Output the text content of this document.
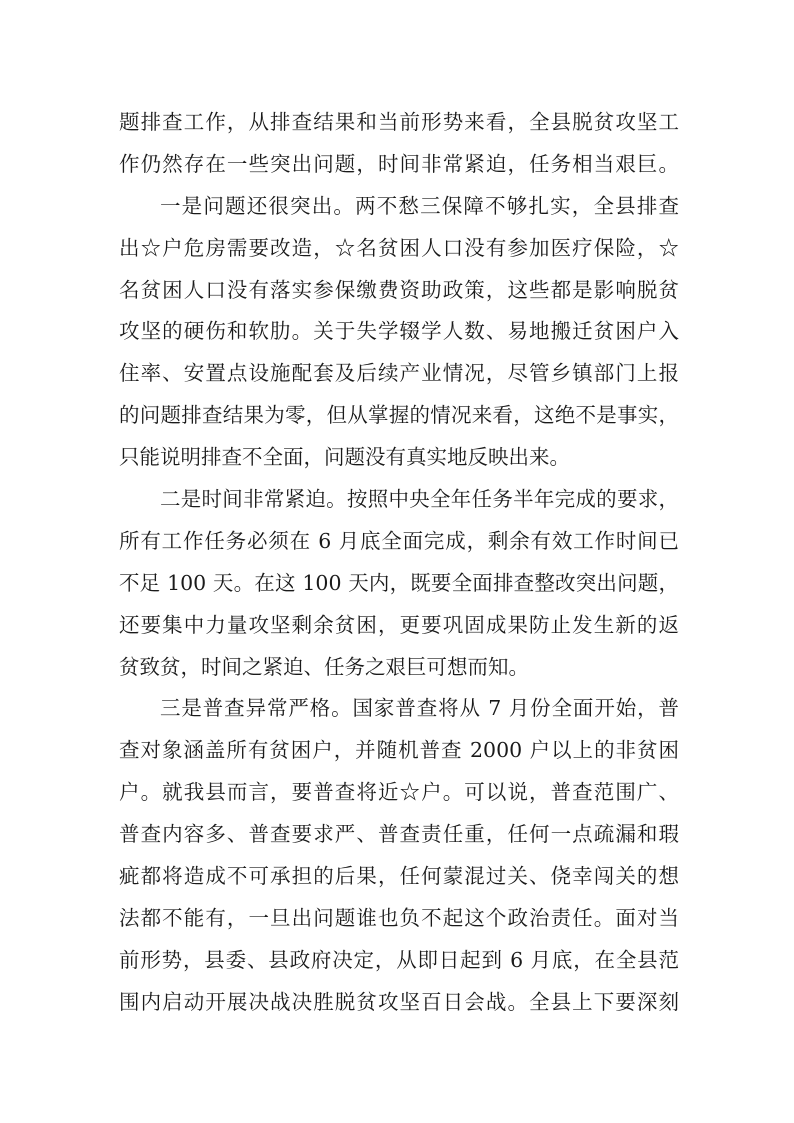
题排查工作，从排查结果和当前形势来看，全县脱贫攻坚工
作仍然存在一些突出问题，时间非常紧迫，任务相当艰巨。
一是问题还很突出。两不愁三保障不够扎实，全县排查
出☆户危房需要改造，☆名贫困人口没有参加医疗保险，☆
名贫困人口没有落实参保缴费资助政策，这些都是影响脱贫
攻坚的硬伤和软肋。关于失学辍学人数、易地搬迁贫困户入
住率、安置点设施配套及后续产业情况，尽管乡镇部门上报
的问题排查结果为零，但从掌握的情况来看，这绝不是事实，
只能说明排查不全面，问题没有真实地反映出来。
二是时间非常紧迫。按照中央全年任务半年完成的要求，
所有工作任务必须在 6 月底全面完成，剩余有效工作时间已
不足 100 天。在这 100 天内，既要全面排查整改突出问题，
还要集中力量攻坚剩余贫困，更要巩固成果防止发生新的返
贫致贫，时间之紧迫、任务之艰巨可想而知。
三是普查异常严格。国家普查将从 7 月份全面开始，普
查对象涵盖所有贫困户，并随机普查 2000 户以上的非贫困
户。就我县而言，要普查将近☆户。可以说，普查范围广、
普查内容多、普查要求严、普查责任重，任何一点疏漏和瑕
疵都将造成不可承担的后果，任何蒙混过关、侥幸闯关的想
法都不能有，一旦出问题谁也负不起这个政治责任。面对当
前形势，县委、县政府决定，从即日起到 6 月底，在全县范
围内启动开展决战决胜脱贫攻坚百日会战。全县上下要深刻
